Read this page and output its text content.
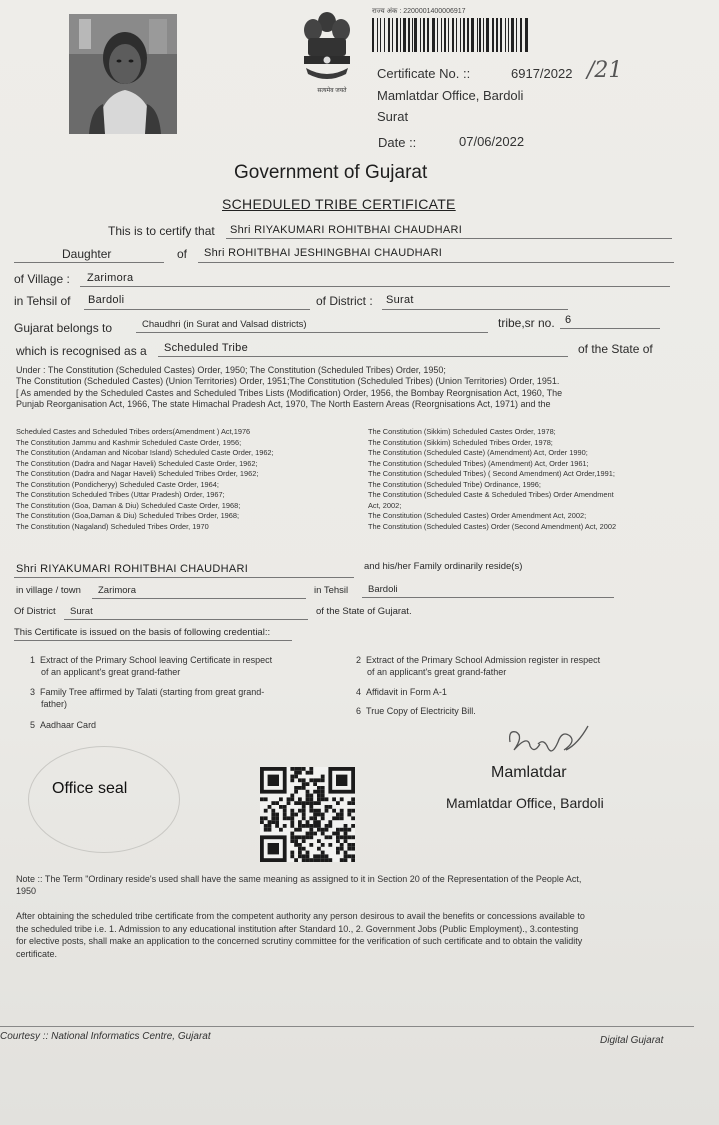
सत्यमेव जयते
राज्य अंक : 2200001400006917
Certificate No. ::	6917/2022 /21
Mamlatdar Office, Bardoli
Surat
Date ::	07/06/2022
Government of Gujarat
SCHEDULED TRIBE CERTIFICATE
This is to certify that Shri RIYAKUMARI ROHITBHAI CHAUDHARI
Daughter	of Shri ROHITBHAI JESHINGBHAI CHAUDHARI
of Village : Zarimora
in Tehsil of Bardoli	of District : Surat
Gujarat belongs to	Chaudhri (in Surat and Valsad districts)	tribe,sr no. 6
which is recognised as a Scheduled Tribe	of the State of
Under : The Constitution (Scheduled Castes) Order, 1950; The Constitution (Scheduled Tribes) Order, 1950;
The Constitution (Scheduled Castes) (Union Territories) Order, 1951;The Constitution (Scheduled Tribes) (Union Territories) Order, 1951.
[ As amended by the Scheduled Castes and Scheduled Tribes Lists (Modification) Order, 1956, the Bombay Reorgnisation Act, 1960, The
Punjab Reorganisation Act, 1966, The state Himachal Pradesh Act, 1970, The North Eastern Areas (Reorgnisations Act, 1971) and the
Scheduled Castes and Scheduled Tribes orders(Amendment ) Act,1976
The Constitution Jammu and Kashmir Scheduled Caste Order, 1956;
The Constitution (Andaman and Nicobar Island) Scheduled Caste Order, 1962;
The Constitution (Dadra and Nagar Haveli) Scheduled Caste Order, 1962;
The Constitution (Dadra and Nagar Haveli) Scheduled Tribes Order, 1962;
The Constitution (Pondicheryy) Scheduled Caste Order, 1964;
The Constitution Scheduled Tribes (Uttar Pradesh) Order, 1967;
The Constitution (Goa, Daman & Diu) Scheduled Caste Order, 1968;
The Constitution (Goa,Daman & Diu) Scheduled Tribes Order, 1968;
The Constitution (Nagaland) Scheduled Tribes Order, 1970
The Constitution (Sikkim) Scheduled Castes Order, 1978;
The Constitution (Sikkim) Scheduled Tribes Order, 1978;
The Constitution (Scheduled Caste) (Amendment) Act, Order 1990;
The Constitution (Scheduled Tribes) (Amendment) Act, Order 1961;
The Constitution (Scheduled Tribes) ( Second Amendment) Act Order,1991;
The Constitution (Scheduled Tribe) Ordinance, 1996;
The Constitution (Scheduled Caste & Scheduled Tribes) Order Amendment
Act, 2002;
The Constitution (Scheduled Castes) Order Amendment Act, 2002;
The Constitution (Scheduled Castes) Order (Second Amendment) Act, 2002
Shri RIYAKUMARI ROHITBHAI CHAUDHARI	and his/her Family ordinarily reside(s)
in village / town Zarimora	in Tehsil Bardoli
Of District Surat	of the State of Gujarat.
This Certificate is issued on the basis of following credential::
1 Extract of the Primary School leaving Certificate in respect
of an applicant's great grand-father
2 Extract of the Primary School Admission register in respect
of an applicant's great grand-father
3 Family Tree affirmed by Talati (starting from great grand-
father)
4 Affidavit in Form A-1
5 Aadhaar Card
6 True Copy of Electricity Bill.
Office seal
Mamlatdar
Mamlatdar Office, Bardoli
Note :: The Term "Ordinary reside's used shall have the same meaning as assigned to it in Section 20 of the Representation of the People Act,
1950
After obtaining the scheduled tribe certificate from the competent authority any person desirous to avail the benefits or concessions available to
the scheduled tribe i.e. 1. Admission to any educational institution after Standard 10., 2. Government Jobs (Public Employment)., 3.contesting
for elective posts, shall make an application to the concerned scrutiny committee for the verification of such certificate and to obtain the validity
certificate.
Courtesy :: National Informatics Centre, Gujarat	Digital Gujarat
